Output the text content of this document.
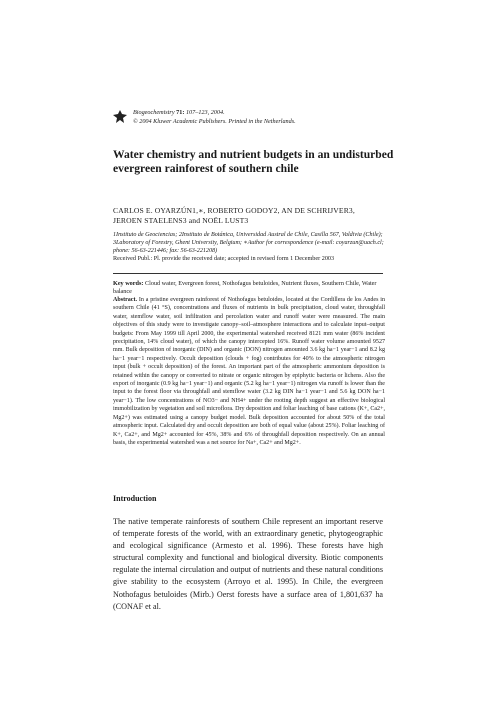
Biogeochemistry 71: 107–123, 2004.
© 2004 Kluwer Academic Publishers. Printed in the Netherlands.
Water chemistry and nutrient budgets in an undisturbed evergreen rainforest of southern chile
CARLOS E. OYARZÚN1,∗, ROBERTO GODOY2, AN DE SCHRIJVER3,
JEROEN STAELENS3 and NOËL LUST3
1Instituto de Geociencias; 2Instituto de Botánica, Universidad Austral de Chile, Casilla 567, Valdivia (Chile); 3Laboratory of Forestry, Ghent University, Belgium; ∗Author for correspondence (e-mail: coyarzun@uach.cl; phone: 56-63-221446; fax: 56-63-221208)
Received Publ.: Pl. provide the received date; accepted in revised form 1 December 2003
Key words: Cloud water, Evergreen forest, Nothofagus betuloides, Nutrient fluxes, Southern Chile, Water balance
Abstract. In a pristine evergreen rainforest of Nothofagus betuloides, located at the Cordillera de los Andes in southern Chile (41 °S), concentrations and fluxes of nutrients in bulk precipitation, cloud water, throughfall water, stemflow water, soil infiltration and percolation water and runoff water were measured. The main objectives of this study were to investigate canopy–soil–atmosphere interactions and to calculate input–output budgets: From May 1999 till April 2000, the experimental watershed received 8121 mm water (86% incident precipitation, 14% cloud water), of which the canopy intercepted 16%. Runoff water volume amounted 9527 mm. Bulk deposition of inorganic (DIN) and organic (DON) nitrogen amounted 3.6 kg ha−1 year−1 and 8.2 kg ha−1 year−1 respectively. Occult deposition (clouds + fog) contributes for 40% to the atmospheric nitrogen input (bulk + occult deposition) of the forest. An important part of the atmospheric ammonium deposition is retained within the canopy or converted to nitrate or organic nitrogen by epiphytic bacteria or lichens. Also the export of inorganic (0.9 kg ha−1 year−1) and organic (5.2 kg ha−1 year−1) nitrogen via runoff is lower than the input to the forest floor via throughfall and stemflow water (3.2 kg DIN ha−1 year−1 and 5.6 kg DON ha−1 year−1). The low concentrations of NO3− and NH4+ under the rooting depth suggest an effective biological immobilization by vegetation and soil microflora. Dry deposition and foliar leaching of base cations (K+, Ca2+, Mg2+) was estimated using a canopy budget model. Bulk deposition accounted for about 50% of the total atmospheric input. Calculated dry and occult deposition are both of equal value (about 25%). Foliar leaching of K+, Ca2+, and Mg2+ accounted for 45%, 38% and 6% of throughfall deposition respectively. On an annual basis, the experimental watershed was a net source for Na+, Ca2+ and Mg2+.
Introduction
The native temperate rainforests of southern Chile represent an important reserve of temperate forests of the world, with an extraordinary genetic, phytogeographic and ecological significance (Armesto et al. 1996). These forests have high structural complexity and functional and biological diversity. Biotic components regulate the internal circulation and output of nutrients and these natural conditions give stability to the ecosystem (Arroyo et al. 1995). In Chile, the evergreen Nothofagus betuloides (Mirb.) Oerst forests have a surface area of 1,801,637 ha (CONAF et al.
